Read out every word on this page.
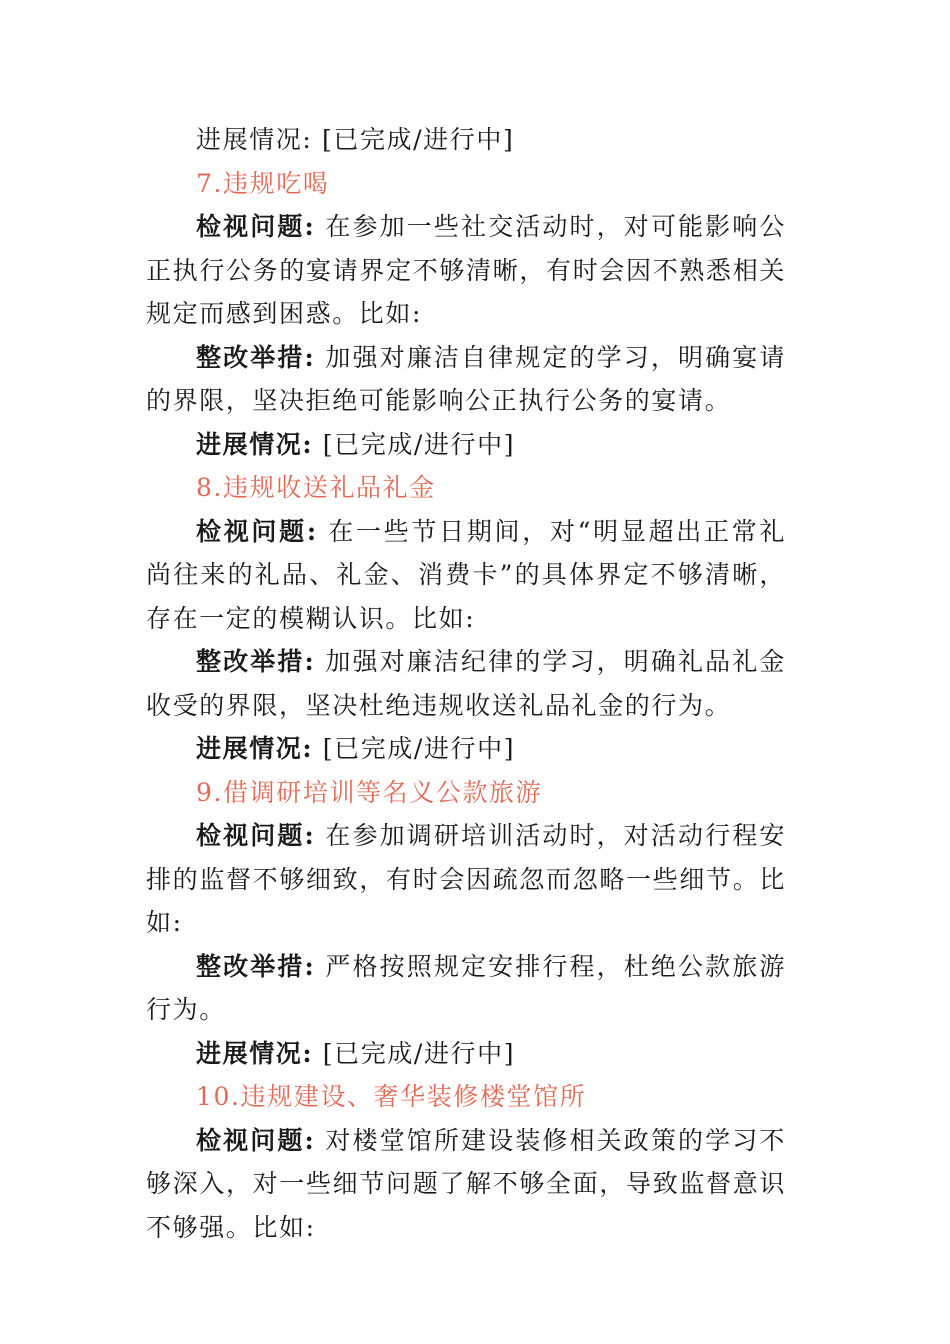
进展情况: [已完成/进行中]

7.违规吃喝

检视问题: 在参加一些社交活动时，对可能影响公正执行公务的宴请界定不够清晰，有时会因不熟悉相关规定而感到困惑。比如:

整改举措: 加强对廉洁自律规定的学习，明确宴请的界限，坚决拒绝可能影响公正执行公务的宴请。

进展情况: [已完成/进行中]

8.违规收送礼品礼金

检视问题: 在一些节日期间，对“明显超出正常礼尚往来的礼品、礼金、消费卡”的具体界定不够清晰，存在一定的模糊认识。比如:

整改举措: 加强对廉洁纪律的学习，明确礼品礼金收受的界限，坚决杜绝违规收送礼品礼金的行为。

进展情况: [已完成/进行中]

9.借调研培训等名义公款旅游

检视问题: 在参加调研培训活动时，对活动行程安排的监督不够细致，有时会因疏忽而忽略一些细节。比如:

整改举措: 严格按照规定安排行程，杜绝公款旅游行为。

进展情况: [已完成/进行中]

10.违规建设、奢华装修楼堂馆所

检视问题: 对楼堂馆所建设装修相关政策的学习不够深入，对一些细节问题了解不够全面，导致监督意识不够强。比如:
